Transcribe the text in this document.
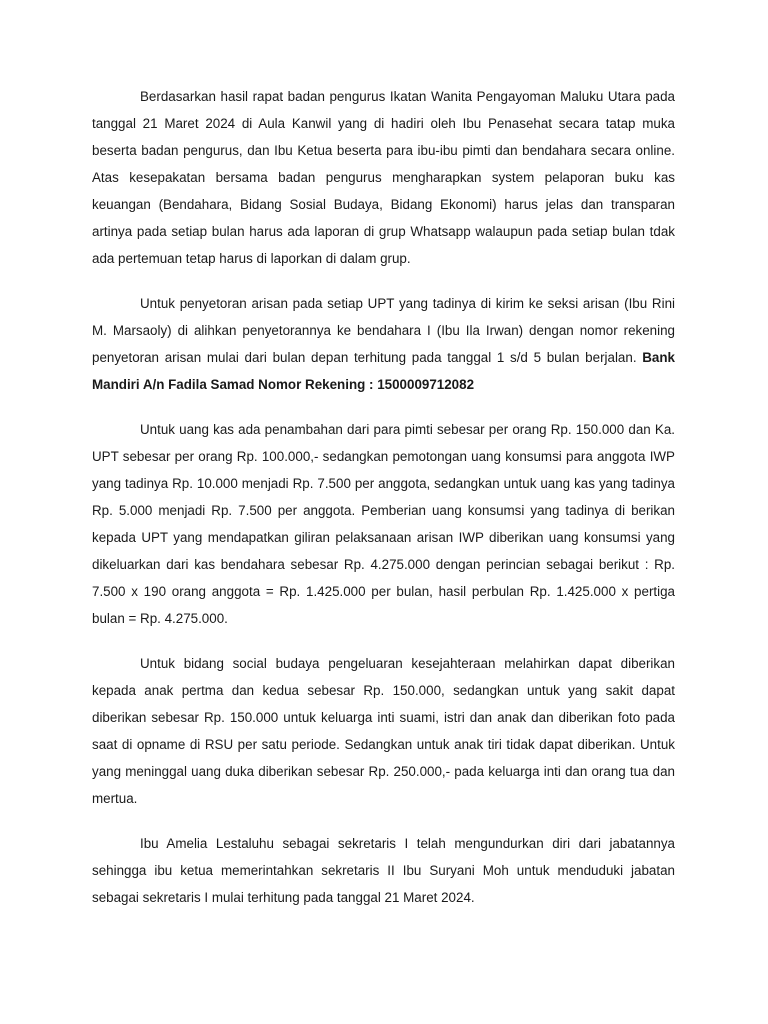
Berdasarkan hasil rapat badan pengurus Ikatan Wanita Pengayoman Maluku Utara pada tanggal 21 Maret 2024 di Aula Kanwil yang di hadiri oleh Ibu Penasehat secara tatap muka beserta badan pengurus, dan Ibu Ketua beserta para ibu-ibu pimti dan bendahara secara online. Atas kesepakatan bersama badan pengurus mengharapkan system pelaporan buku kas keuangan (Bendahara, Bidang Sosial Budaya, Bidang Ekonomi) harus jelas dan transparan artinya pada setiap bulan harus ada laporan di grup Whatsapp walaupun pada setiap bulan tdak ada pertemuan tetap harus di laporkan di dalam grup.

Untuk penyetoran arisan pada setiap UPT yang tadinya di kirim ke seksi arisan (Ibu Rini M. Marsaoly) di alihkan penyetorannya ke bendahara I (Ibu Ila Irwan) dengan nomor rekening penyetoran arisan mulai dari bulan depan terhitung pada tanggal 1 s/d 5 bulan berjalan. Bank Mandiri A/n Fadila Samad Nomor Rekening : 1500009712082

Untuk uang kas ada penambahan dari para pimti sebesar per orang Rp. 150.000 dan Ka. UPT sebesar per orang Rp. 100.000,- sedangkan pemotongan uang konsumsi para anggota IWP yang tadinya Rp. 10.000 menjadi Rp. 7.500 per anggota, sedangkan untuk uang kas yang tadinya Rp. 5.000 menjadi Rp. 7.500 per anggota. Pemberian uang konsumsi yang tadinya di berikan kepada UPT yang mendapatkan giliran pelaksanaan arisan IWP diberikan uang konsumsi yang dikeluarkan dari kas bendahara sebesar Rp. 4.275.000 dengan perincian sebagai berikut : Rp. 7.500 x 190 orang anggota = Rp. 1.425.000 per bulan, hasil perbulan Rp. 1.425.000 x pertiga bulan = Rp. 4.275.000.

Untuk bidang social budaya pengeluaran kesejahteraan melahirkan dapat diberikan kepada anak pertma dan kedua sebesar Rp. 150.000, sedangkan untuk yang sakit dapat diberikan sebesar Rp. 150.000 untuk keluarga inti suami, istri dan anak dan diberikan foto pada saat di opname di RSU per satu periode. Sedangkan untuk anak tiri tidak dapat diberikan. Untuk yang meninggal uang duka diberikan sebesar Rp. 250.000,- pada keluarga inti dan orang tua dan mertua.

Ibu Amelia Lestaluhu sebagai sekretaris I telah mengundurkan diri dari jabatannya sehingga ibu ketua memerintahkan sekretaris II Ibu Suryani Moh untuk menduduki jabatan sebagai sekretaris I mulai terhitung pada tanggal 21 Maret 2024.
